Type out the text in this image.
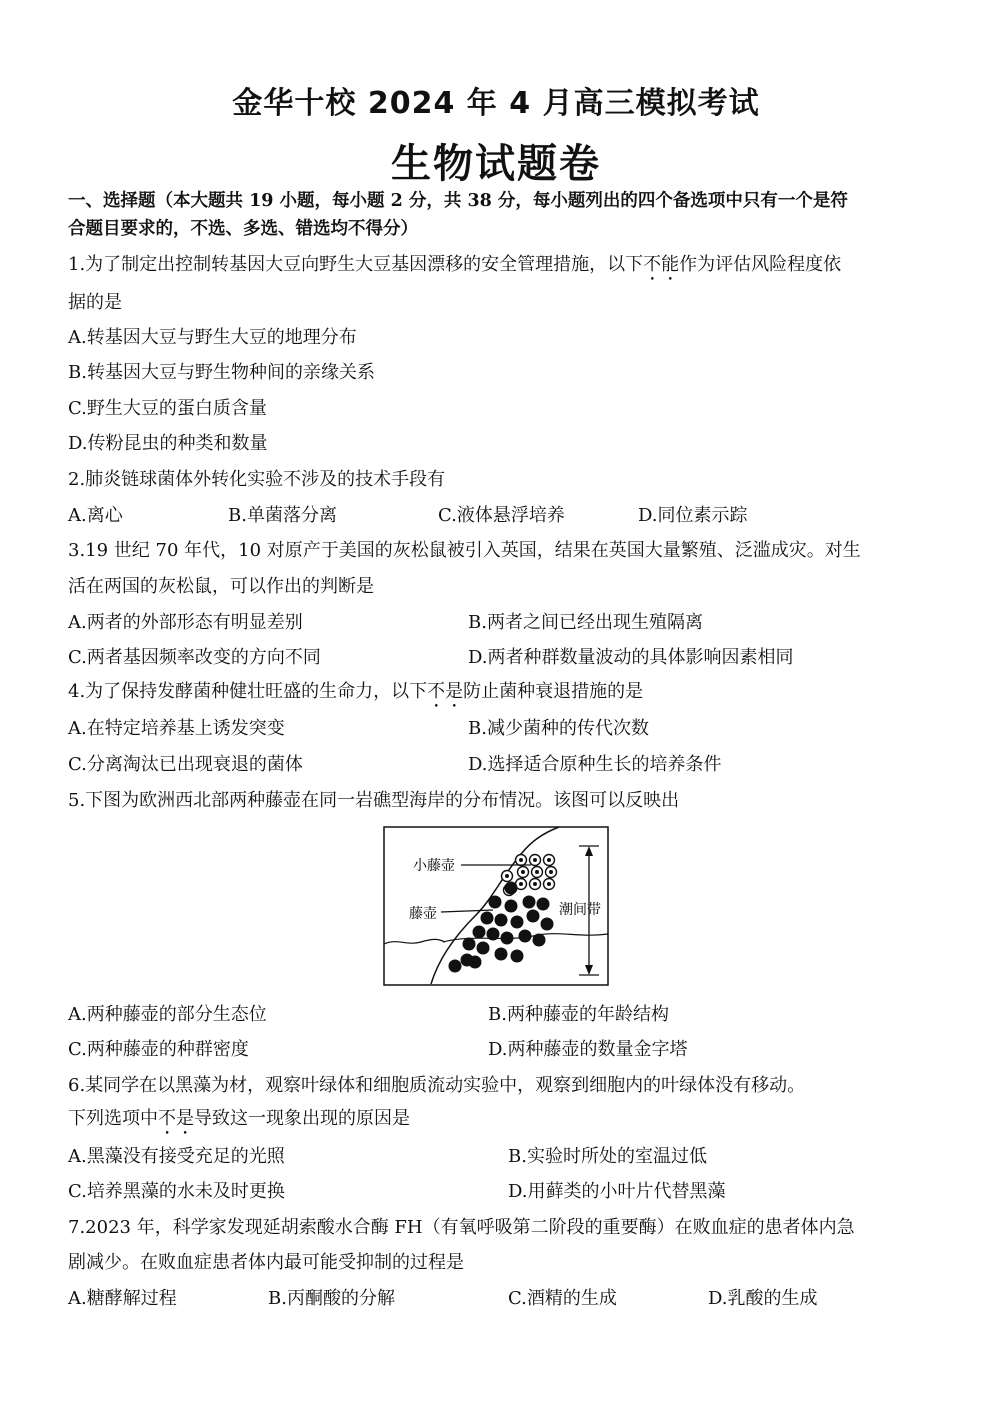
金华十校 2024 年 4 月高三模拟考试
生物试题卷
一、选择题（本大题共 19 小题，每小题 2 分，共 38 分，每小题列出的四个备选项中只有一个是符
合题目要求的，不选、多选、错选均不得分）
1.为了制定出控制转基因大豆向野生大豆基因漂移的安全管理措施，以下不能作为评估风险程度依
据的是
A.转基因大豆与野生大豆的地理分布
B.转基因大豆与野生物种间的亲缘关系
C.野生大豆的蛋白质含量
D.传粉昆虫的种类和数量
2.肺炎链球菌体外转化实验不涉及的技术手段有
A.离心	B.单菌落分离	C.液体悬浮培养	D.同位素示踪
3.19 世纪 70 年代，10 对原产于美国的灰松鼠被引入英国，结果在英国大量繁殖、泛滥成灾。对生
活在两国的灰松鼠，可以作出的判断是
A.两者的外部形态有明显差别	B.两者之间已经出现生殖隔离
C.两者基因频率改变的方向不同	D.两者种群数量波动的具体影响因素相同
4.为了保持发酵菌种健壮旺盛的生命力，以下不是防止菌种衰退措施的是
A.在特定培养基上诱发突变	B.减少菌种的传代次数
C.分离淘汰已出现衰退的菌体	D.选择适合原种生长的培养条件
5.下图为欧洲西北部两种藤壶在同一岩礁型海岸的分布情况。该图可以反映出
小藤壶
藤壶	潮间带
A.两种藤壶的部分生态位	B.两种藤壶的年龄结构
C.两种藤壶的种群密度	D.两种藤壶的数量金字塔
6.某同学在以黑藻为材，观察叶绿体和细胞质流动实验中，观察到细胞内的叶绿体没有移动。
下列选项中不是导致这一现象出现的原因是
A.黑藻没有接受充足的光照	B.实验时所处的室温过低
C.培养黑藻的水未及时更换	D.用藓类的小叶片代替黑藻
7.2023 年，科学家发现延胡索酸水合酶 FH（有氧呼吸第二阶段的重要酶）在败血症的患者体内急
剧减少。在败血症患者体内最可能受抑制的过程是
A.糖酵解过程	B.丙酮酸的分解	C.酒精的生成	D.乳酸的生成
